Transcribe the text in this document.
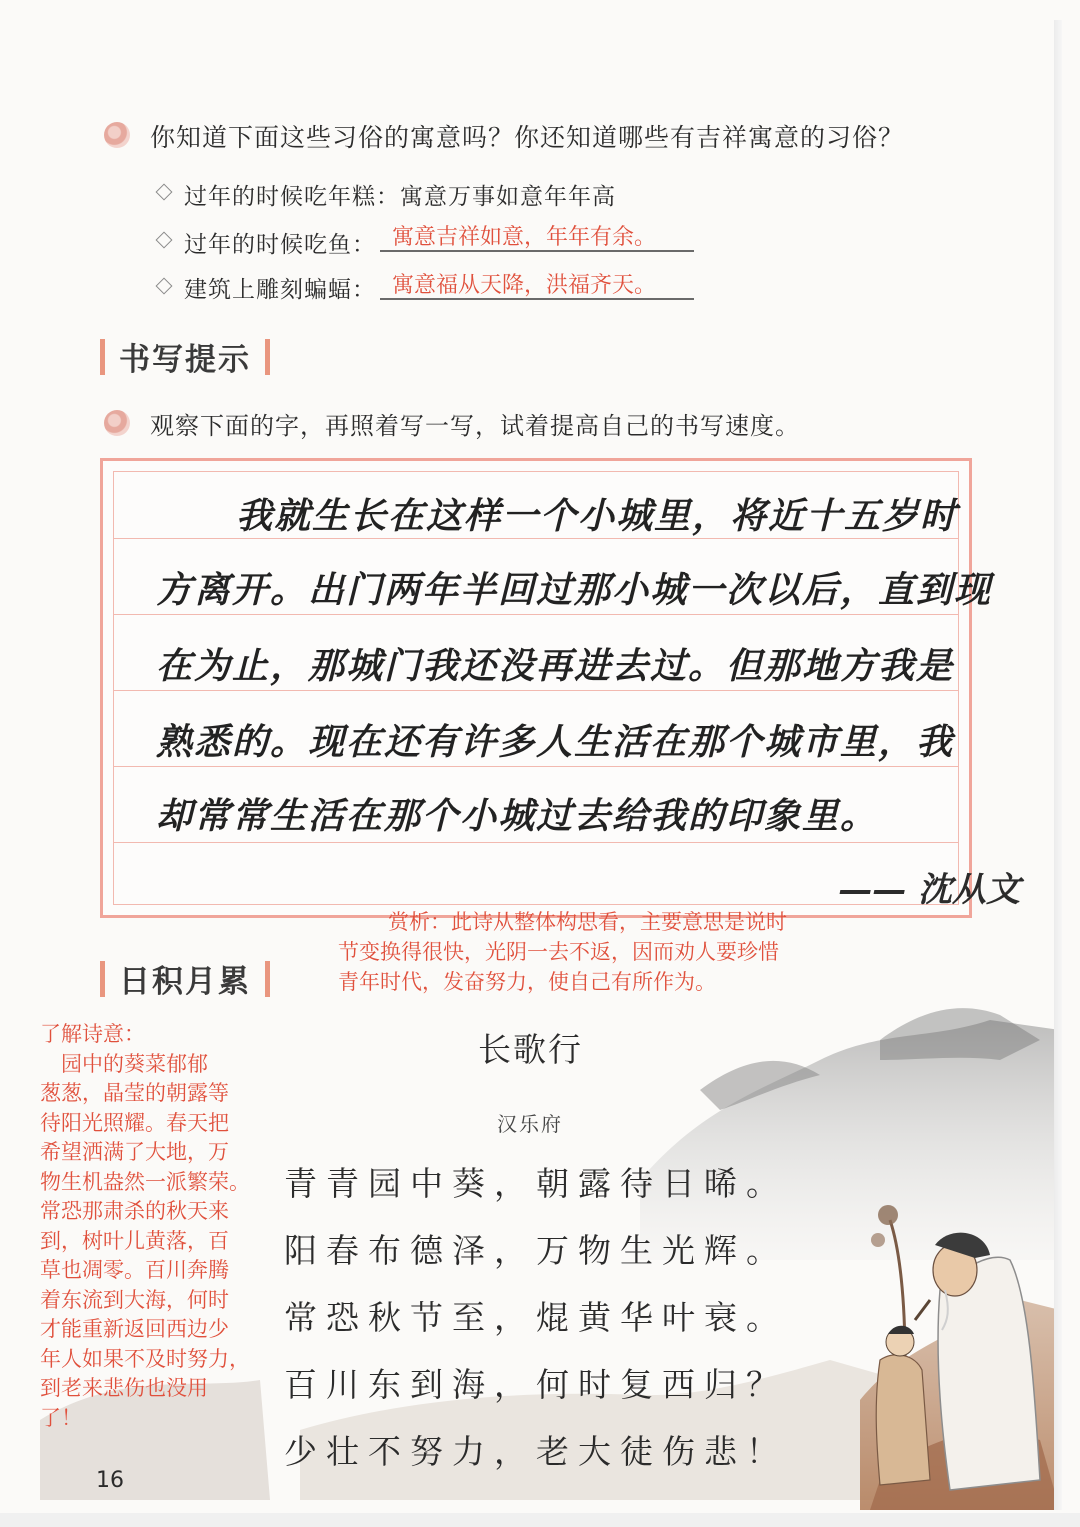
你知道下面这些习俗的寓意吗？你还知道哪些有吉祥寓意的习俗？
过年的时候吃年糕：寓意万事如意年年高
过年的时候吃鱼： 寓意吉祥如意，年年有余。
建筑上雕刻蝙蝠： 寓意福从天降，洪福齐天。
书写提示
观察下面的字，再照着写一写，试着提高自己的书写速度。
我就生长在这样一个小城里，将近十五岁时
方离开。出门两年半回过那小城一次以后，直到现
在为止，那城门我还没再进去过。但那地方我是
熟悉的。现在还有许多人生活在那个城市里，我
却常常生活在那个小城过去给我的印象里。
—— 沈从文
赏析：此诗从整体构思看，主要意思是说时
节变换得很快，光阴一去不返，因而劝人要珍惜
青年时代，发奋努力，使自己有所作为。
日积月累
了解诗意：
　园中的葵菜郁郁
葱葱，晶莹的朝露等
待阳光照耀。春天把
希望洒满了大地，万
物生机盎然一派繁荣。
常恐那肃杀的秋天来
到，树叶儿黄落，百
草也凋零。百川奔腾
着东流到大海，何时
才能重新返回西边少
年人如果不及时努力，
到老来悲伤也没用
了！
长歌行
汉乐府
青青园中葵，朝露待日晞。
阳春布德泽，万物生光辉。
常恐秋节至，焜黄华叶衰。
百川东到海，何时复西归？
少壮不努力，老大徒伤悲！
16
